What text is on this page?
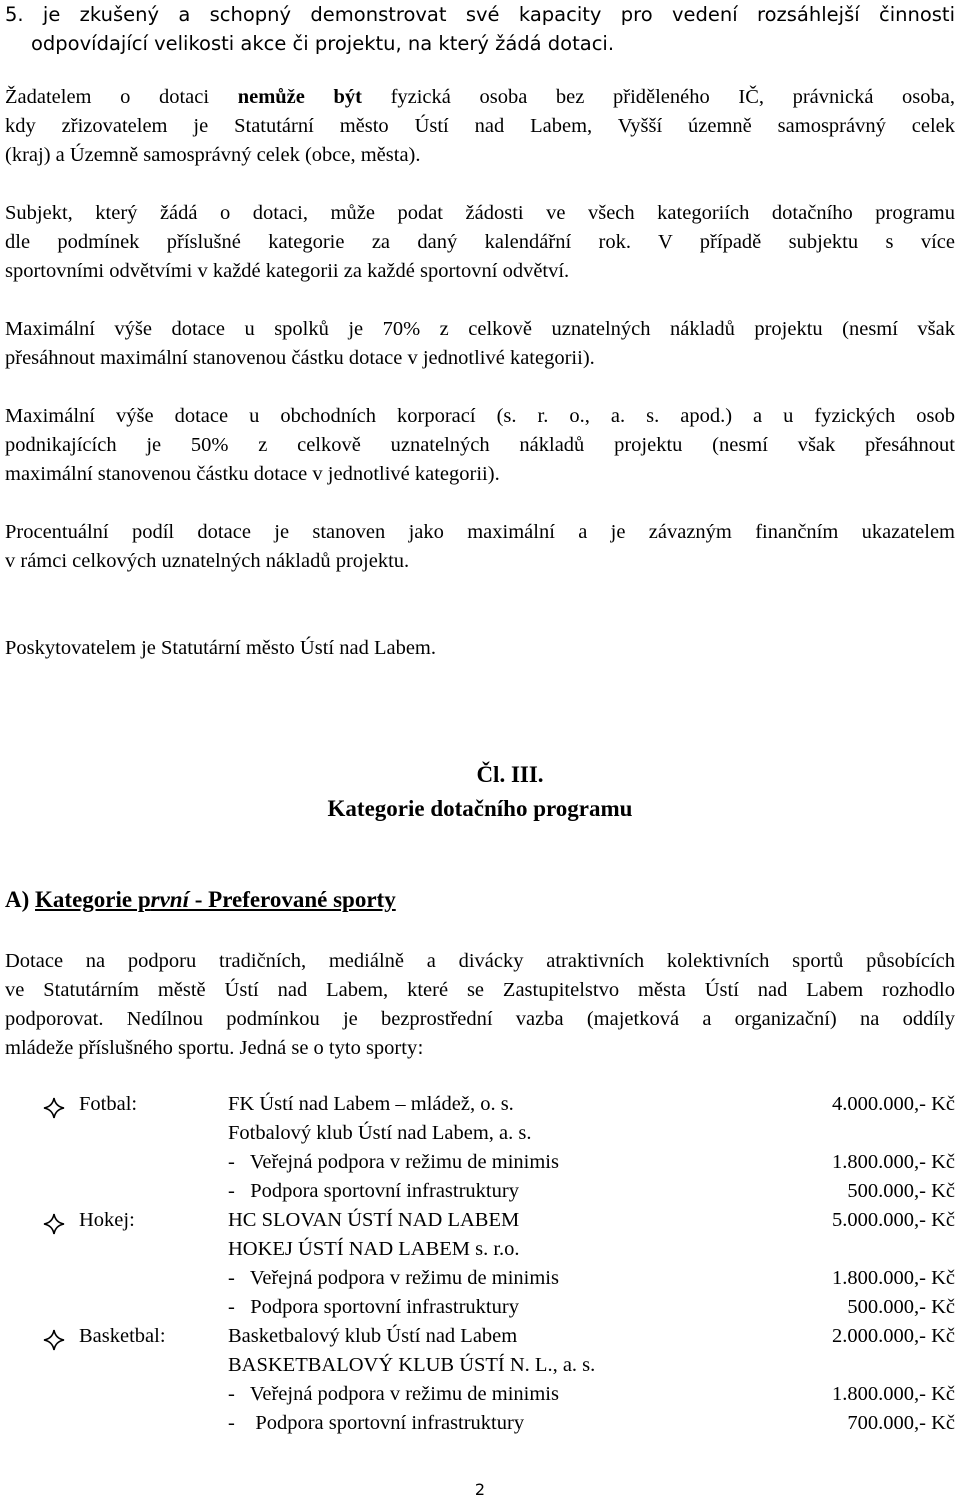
5. je zkušený a schopný demonstrovat své kapacity pro vedení rozsáhlejší činnosti
odpovídající velikosti akce či projektu, na který žádá dotaci.

Žadatelem o dotaci nemůže být fyzická osoba bez přiděleného IČ, právnická osoba,
kdy zřizovatelem je Statutární město Ústí nad Labem, Vyšší územně samosprávný celek
(kraj) a Územně samosprávný celek (obce, města).

Subjekt, který žádá o dotaci, může podat žádosti ve všech kategoriích dotačního programu
dle podmínek příslušné kategorie za daný kalendářní rok. V případě subjektu s více
sportovními odvětvími v každé kategorii za každé sportovní odvětví.

Maximální výše dotace u spolků je 70% z celkově uznatelných nákladů projektu (nesmí však
přesáhnout maximální stanovenou částku dotace v jednotlivé kategorii).

Maximální výše dotace u obchodních korporací (s. r. o., a. s. apod.) a u fyzických osob
podnikajících je 50% z celkově uznatelných nákladů projektu (nesmí však přesáhnout
maximální stanovenou částku dotace v jednotlivé kategorii).

Procentuální podíl dotace je stanoven jako maximální a je závazným finančním ukazatelem
v rámci celkových uznatelných nákladů projektu.

Poskytovatelem je Statutární město Ústí nad Labem.

Čl. III.
Kategorie dotačního programu
A) Kategorie první - Preferované sporty

Dotace na podporu tradičních, mediálně a divácky atraktivních kolektivních sportů působících
ve Statutárním městě Ústí nad Labem, které se Zastupitelstvo města Ústí nad Labem rozhodlo
podporovat. Nedílnou podmínkou je bezprostřední vazba (majetková a organizační) na oddíly
mládeže příslušného sportu. Jedná se o tyto sporty:

Fotbal:	FK Ústí nad Labem – mládež, o. s.	4.000.000,- Kč
Fotbalový klub Ústí nad Labem, a. s.
-   Veřejná podpora v režimu de minimis	1.800.000,- Kč
-   Podpora sportovní infrastruktury	500.000,- Kč
Hokej:	HC SLOVAN ÚSTÍ NAD LABEM	5.000.000,- Kč
HOKEJ ÚSTÍ NAD LABEM s. r.o.
-   Veřejná podpora v režimu de minimis	1.800.000,- Kč
-   Podpora sportovní infrastruktury	500.000,- Kč
Basketbal:	Basketbalový klub Ústí nad Labem	2.000.000,- Kč
BASKETBALOVÝ KLUB ÚSTÍ N. L., a. s.
-   Veřejná podpora v režimu de minimis	1.800.000,- Kč
-    Podpora sportovní infrastruktury	700.000,- Kč
2
